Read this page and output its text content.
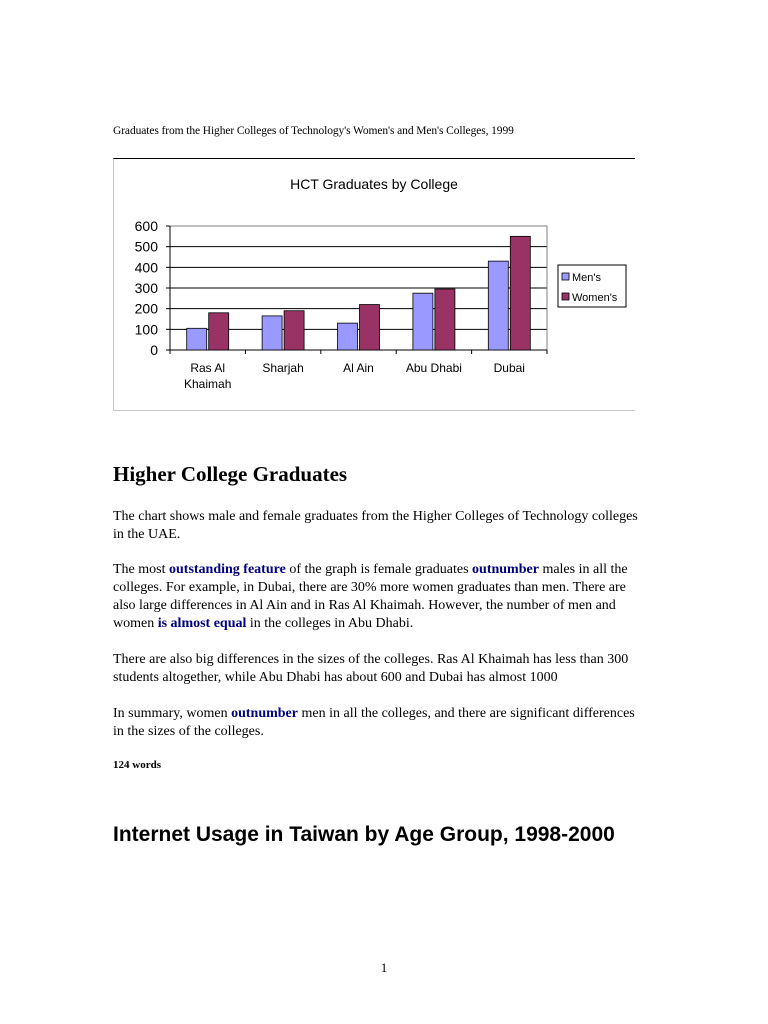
Graduates from the Higher Colleges of Technology's Women's and Men's Colleges, 1999
HCT Graduates by College
0
100
200
300
400
500
600
Ras Al
Khaimah
Sharjah	Al Ain	Abu Dhabi	Dubai
Men's
Women's
Higher College Graduates

The chart shows male and female graduates from the Higher Colleges of Technology colleges in the UAE.

The most outstanding feature of the graph is female graduates outnumber males in all the colleges. For example, in Dubai, there are 30% more women graduates than men. There are also large differences in Al Ain and in Ras Al Khaimah. However, the number of men and women is almost equal in the colleges in Abu Dhabi.

There are also big differences in the sizes of the colleges. Ras Al Khaimah has less than 300 students altogether, while Abu Dhabi has about 600 and Dubai has almost 1000

In summary, women outnumber men in all the colleges, and there are significant differences in the sizes of the colleges.

124 words

Internet Usage in Taiwan by Age Group, 1998-2000
1
